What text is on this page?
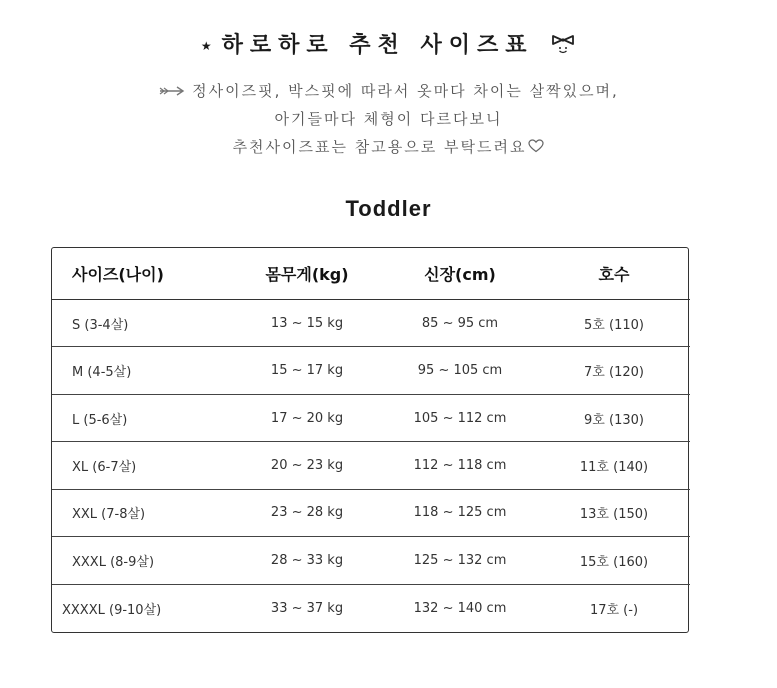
★ 하로하로 추천 사이즈표
정사이즈핏, 박스핏에 따라서 옷마다 차이는 살짝있으며,
아기들마다 체형이 다르다보니
추천사이즈표는 참고용으로 부탁드려요
Toddler
사이즈(나이)	몸무게(kg)	신장(cm)	호수
S (3-4살)	13 ~ 15 kg	85 ~ 95 cm	5호 (110)
M (4-5살)	15 ~ 17 kg	95 ~ 105 cm	7호 (120)
L (5-6살)	17 ~ 20 kg	105 ~ 112 cm	9호 (130)
XL (6-7살)	20 ~ 23 kg	112 ~ 118 cm	11호 (140)
XXL (7-8살)	23 ~ 28 kg	118 ~ 125 cm	13호 (150)
XXXL (8-9살)	28 ~ 33 kg	125 ~ 132 cm	15호 (160)
XXXXL (9-10살)	33 ~ 37 kg	132 ~ 140 cm	17호 (-)
